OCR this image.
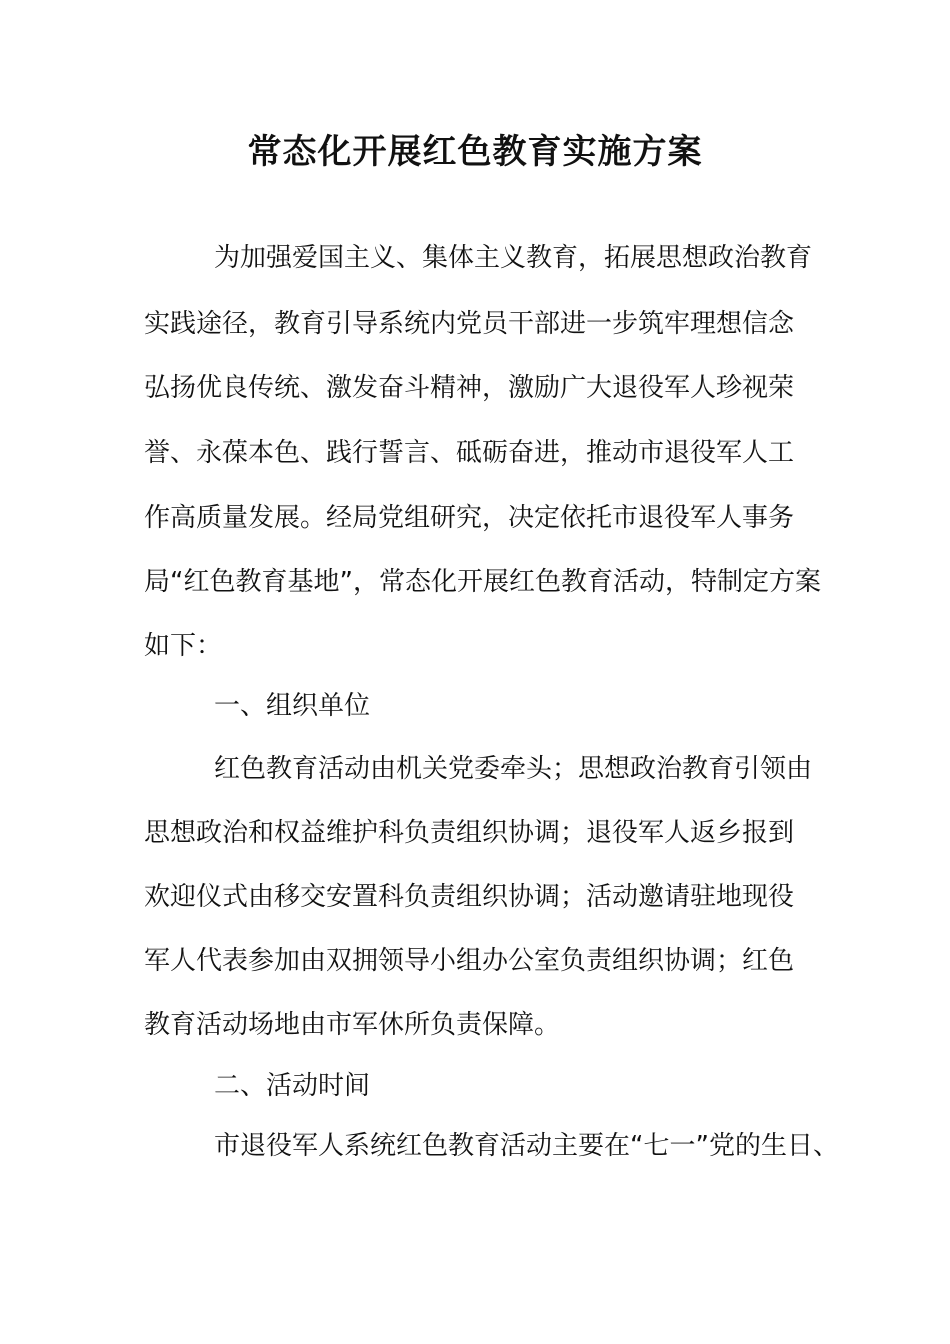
常态化开展红色教育实施方案
为加强爱国主义、集体主义教育，拓展思想政治教育
实践途径，教育引导系统内党员干部进一步筑牢理想信念
弘扬优良传统、激发奋斗精神，激励广大退役军人珍视荣
誉、永葆本色、践行誓言、砥砺奋进，推动市退役军人工
作高质量发展。经局党组研究，决定依托市退役军人事务
局“红色教育基地”，常态化开展红色教育活动，特制定方案
如下：
一、组织单位
红色教育活动由机关党委牵头；思想政治教育引领由
思想政治和权益维护科负责组织协调；退役军人返乡报到
欢迎仪式由移交安置科负责组织协调；活动邀请驻地现役
军人代表参加由双拥领导小组办公室负责组织协调；红色
教育活动场地由市军休所负责保障。
二、活动时间
市退役军人系统红色教育活动主要在“七一”党的生日、
